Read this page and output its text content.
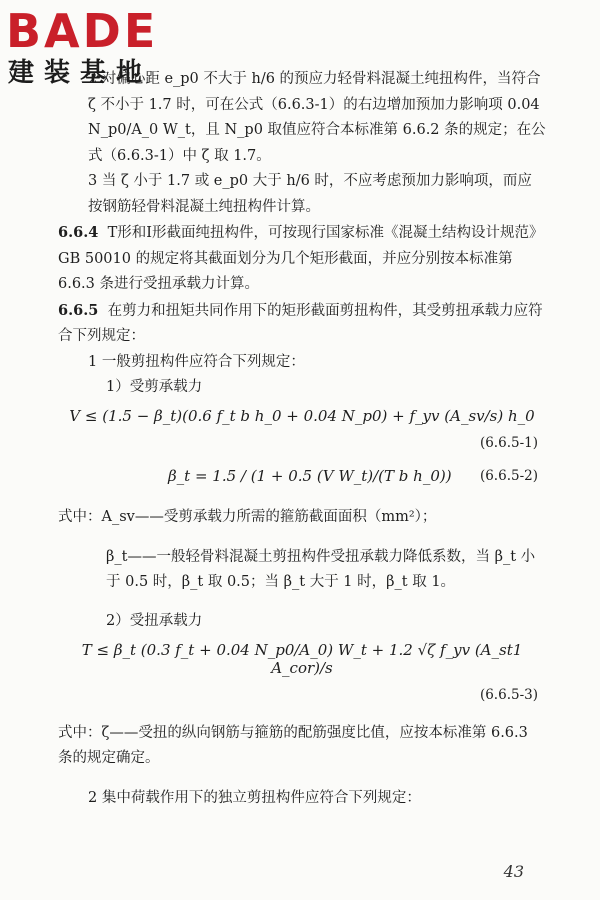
BADE
建装基地

2 对偏心距 e_p0 不大于 h/6 的预应力轻骨料混凝土纯扭构件，当符合 ζ 不小于 1.7 时，可在公式（6.6.3-1）的右边增加预加力影响项 0.04 N_p0/A_0 W_t，且 N_p0 取值应符合本标准第 6.6.2 条的规定；在公式（6.6.3-1）中 ζ 取 1.7。

3 当 ζ 小于 1.7 或 e_p0 大于 h/6 时，不应考虑预加力影响项，而应按钢筋轻骨料混凝土纯扭构件计算。

6.6.4 T形和I形截面纯扭构件，可按现行国家标准《混凝土结构设计规范》GB 50010 的规定将其截面划分为几个矩形截面，并应分别按本标准第 6.6.3 条进行受扭承载力计算。

6.6.5 在剪力和扭矩共同作用下的矩形截面剪扭构件，其受剪扭承载力应符合下列规定：

1 一般剪扭构件应符合下列规定：

1）受剪承载力

V ≤ (1.5 − β_t)(0.6 f_t b h_0 + 0.04 N_p0) + f_yv (A_sv/s) h_0
(6.6.5-1)
β_t = 1.5 / (1 + 0.5 (V W_t)/(T b h_0)) (6.6.5-2)

式中：A_sv——受剪承载力所需的箍筋截面面积（mm²）；

β_t——一般轻骨料混凝土剪扭构件受扭承载力降低系数，当 β_t 小于 0.5 时，β_t 取 0.5；当 β_t 大于 1 时，β_t 取 1。

2）受扭承载力

T ≤ β_t (0.3 f_t + 0.04 N_p0/A_0) W_t + 1.2 √ζ f_yv (A_st1 A_cor)/s
(6.6.5-3)

式中：ζ——受扭的纵向钢筋与箍筋的配筋强度比值，应按本标准第 6.6.3 条的规定确定。

2 集中荷载作用下的独立剪扭构件应符合下列规定：

43
